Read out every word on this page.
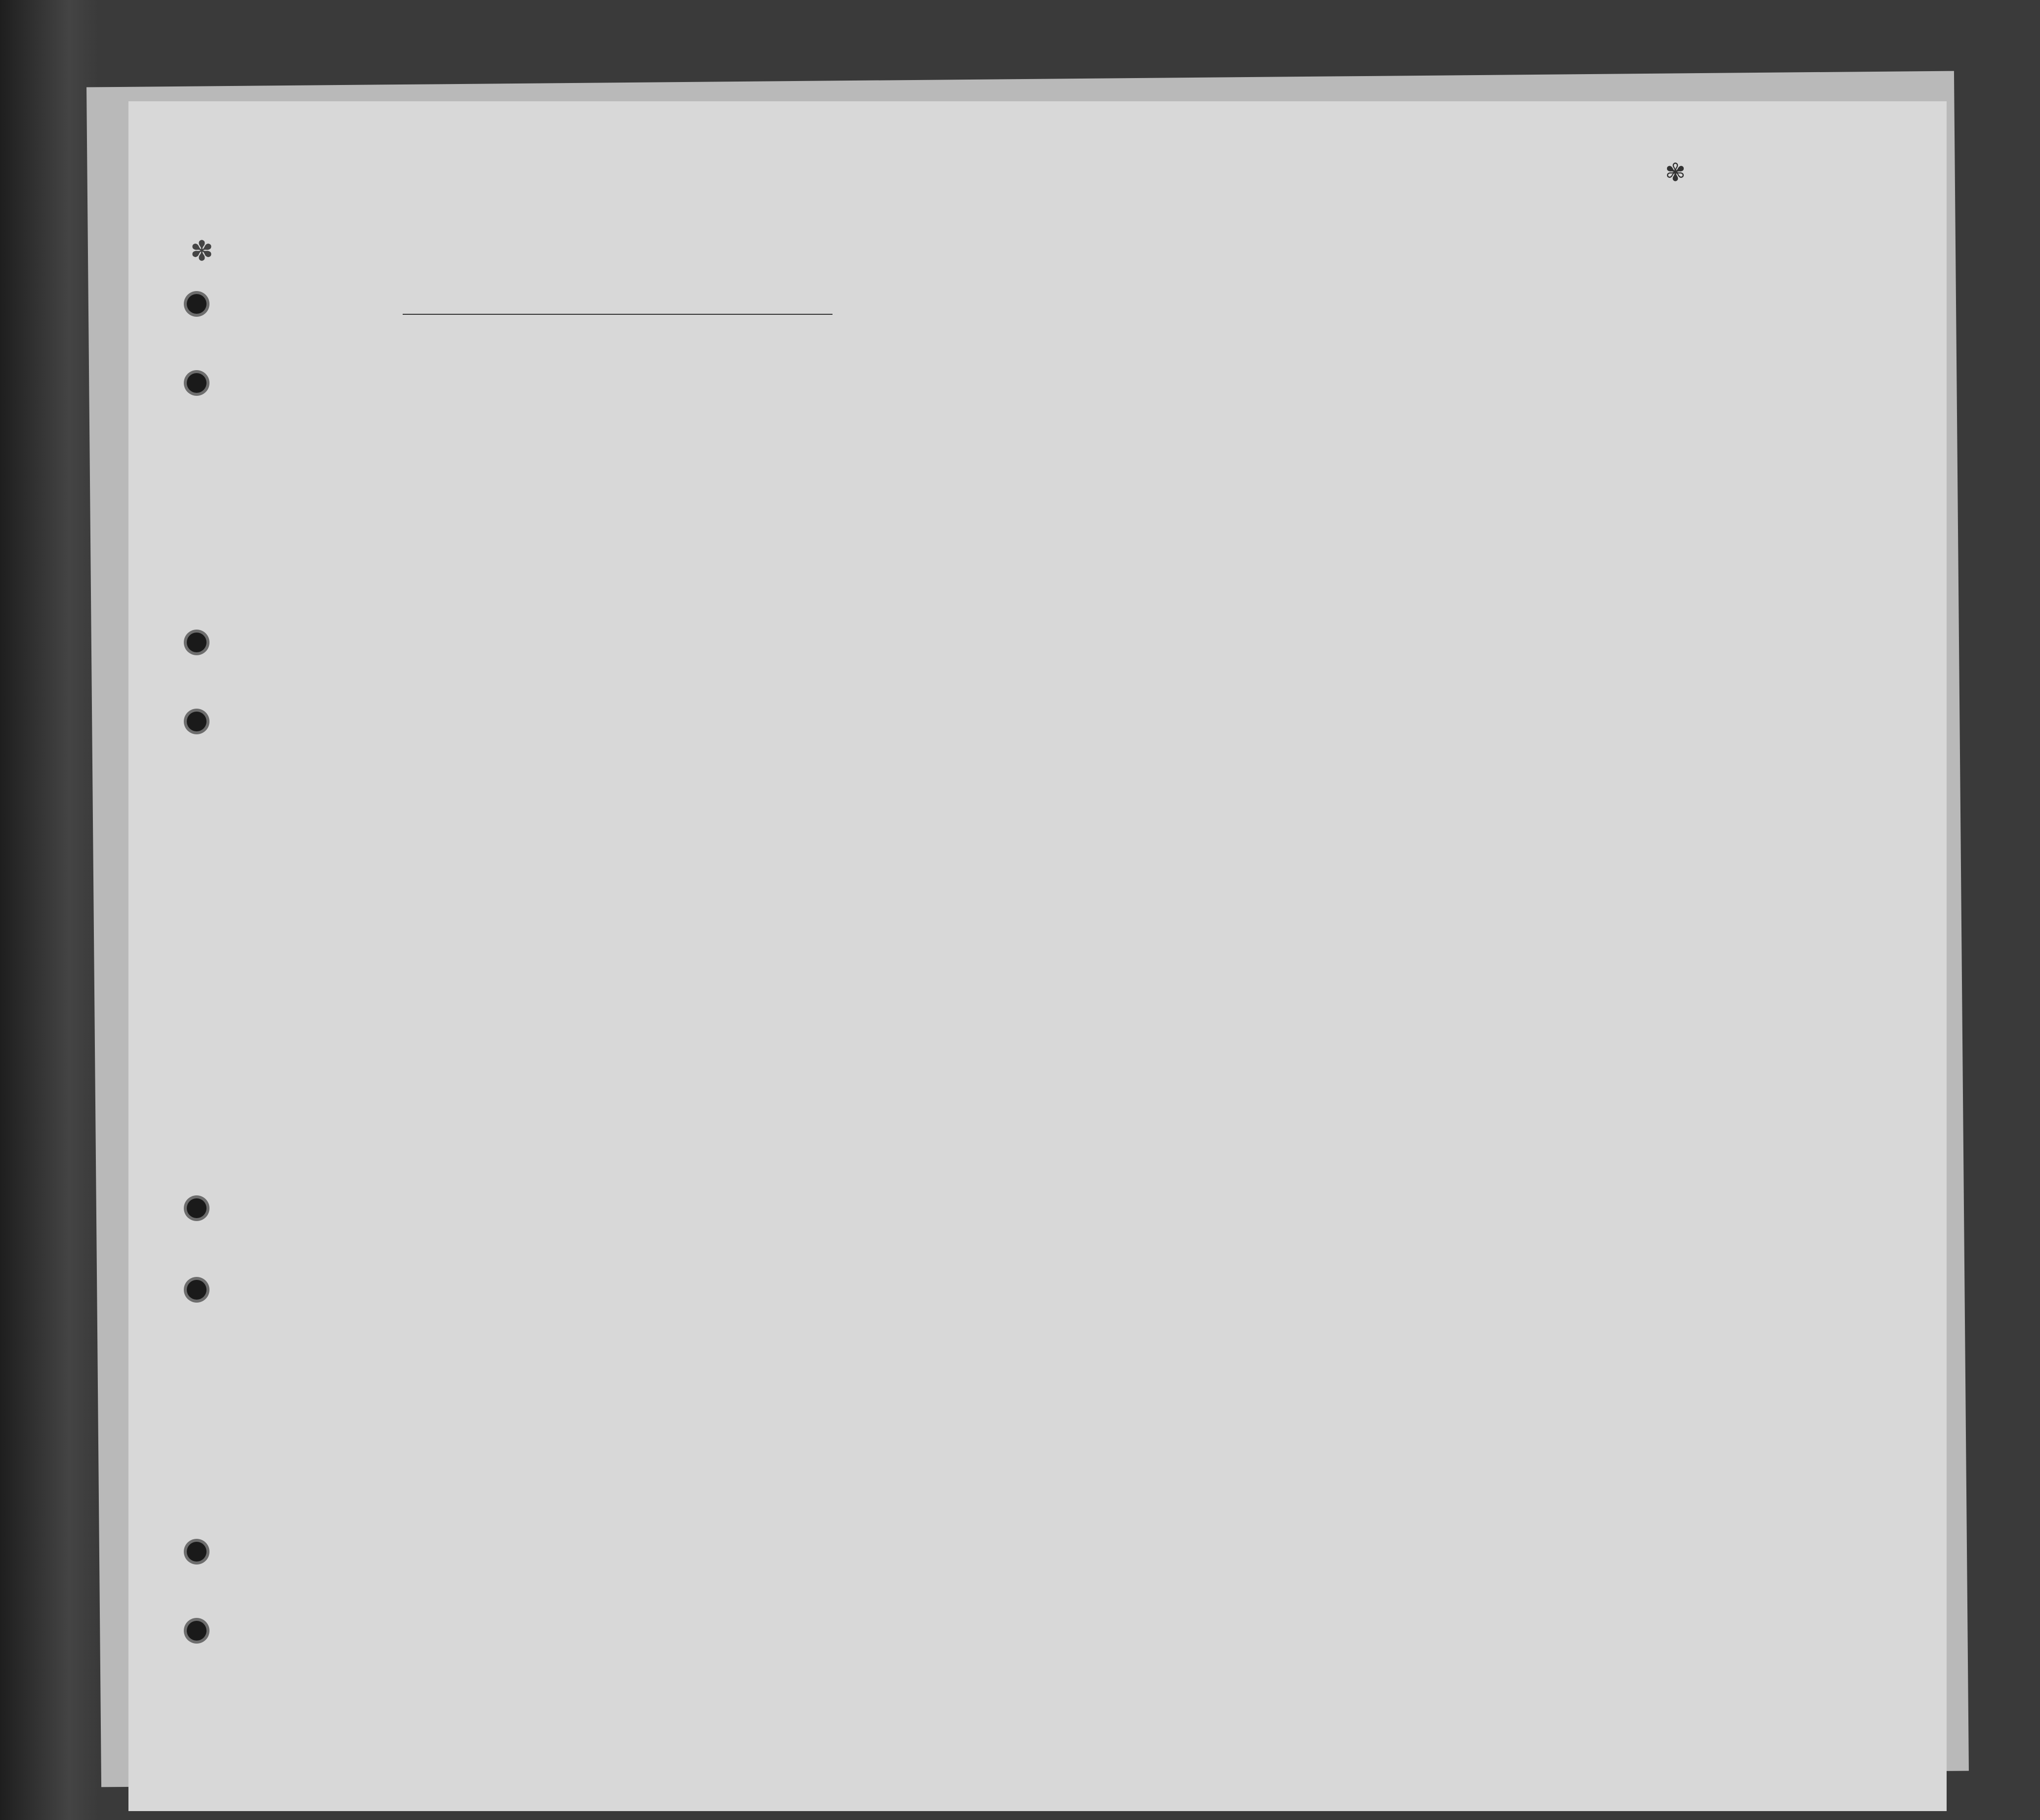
✾
✽
